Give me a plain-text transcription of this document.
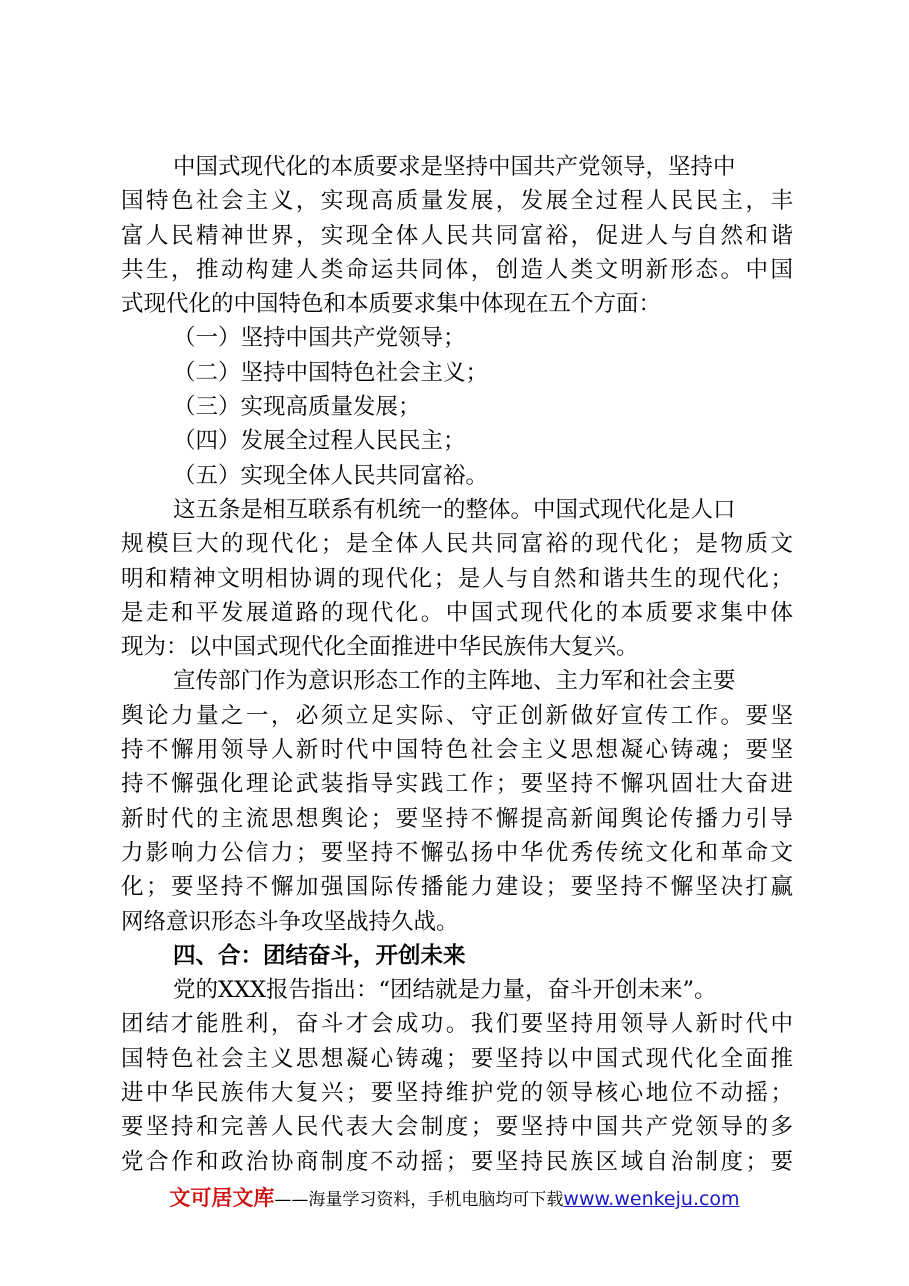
中国式现代化的本质要求是坚持中国共产党领导，坚持中
国特色社会主义，实现高质量发展，发展全过程人民民主，丰
富人民精神世界，实现全体人民共同富裕，促进人与自然和谐
共生，推动构建人类命运共同体，创造人类文明新形态。中国
式现代化的中国特色和本质要求集中体现在五个方面：
（一）坚持中国共产党领导；
（二）坚持中国特色社会主义；
（三）实现高质量发展；
（四）发展全过程人民民主；
（五）实现全体人民共同富裕。
这五条是相互联系有机统一的整体。中国式现代化是人口
规模巨大的现代化；是全体人民共同富裕的现代化；是物质文
明和精神文明相协调的现代化；是人与自然和谐共生的现代化；
是走和平发展道路的现代化。中国式现代化的本质要求集中体
现为：以中国式现代化全面推进中华民族伟大复兴。
宣传部门作为意识形态工作的主阵地、主力军和社会主要
舆论力量之一，必须立足实际、守正创新做好宣传工作。要坚
持不懈用领导人新时代中国特色社会主义思想凝心铸魂；要坚
持不懈强化理论武装指导实践工作；要坚持不懈巩固壮大奋进
新时代的主流思想舆论；要坚持不懈提高新闻舆论传播力引导
力影响力公信力；要坚持不懈弘扬中华优秀传统文化和革命文
化；要坚持不懈加强国际传播能力建设；要坚持不懈坚决打赢
网络意识形态斗争攻坚战持久战。
四、合：团结奋斗，开创未来
党的XXX报告指出：“团结就是力量，奋斗开创未来”。
团结才能胜利，奋斗才会成功。我们要坚持用领导人新时代中
国特色社会主义思想凝心铸魂；要坚持以中国式现代化全面推
进中华民族伟大复兴；要坚持维护党的领导核心地位不动摇；
要坚持和完善人民代表大会制度；要坚持中国共产党领导的多
党合作和政治协商制度不动摇；要坚持民族区域自治制度；要
文可居文库——海量学习资料，手机电脑均可下载www.wenkeju.com
